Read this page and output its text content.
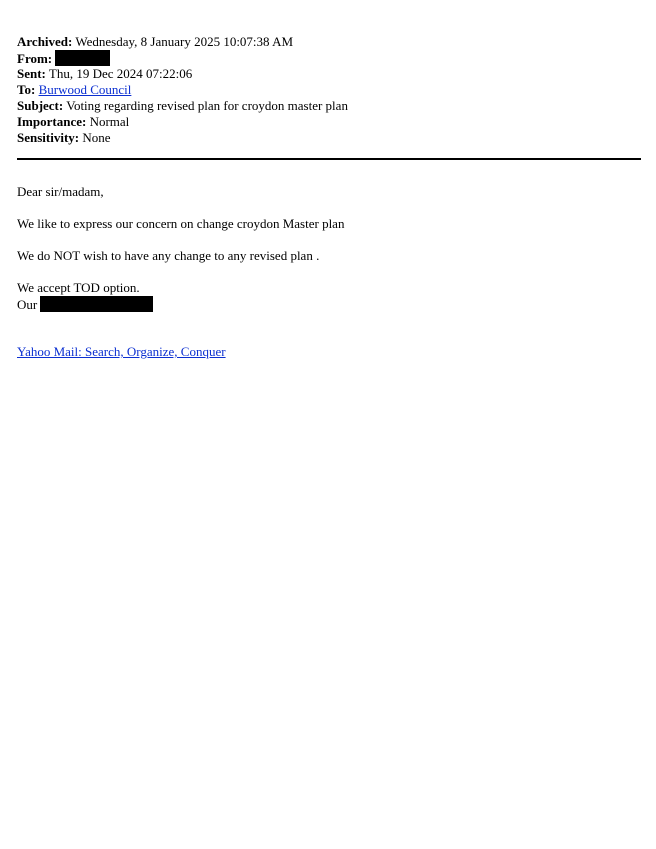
Archived: Wednesday, 8 January 2025 10:07:38 AM
From:
Sent: Thu, 19 Dec 2024 07:22:06
To: Burwood Council
Subject: Voting regarding revised plan for croydon master plan
Importance: Normal
Sensitivity: None

Dear sir/madam,

We like to express our concern on change croydon Master plan

We do NOT wish to have any change to any revised plan .

We accept TOD option.

Our

Yahoo Mail: Search, Organize, Conquer
